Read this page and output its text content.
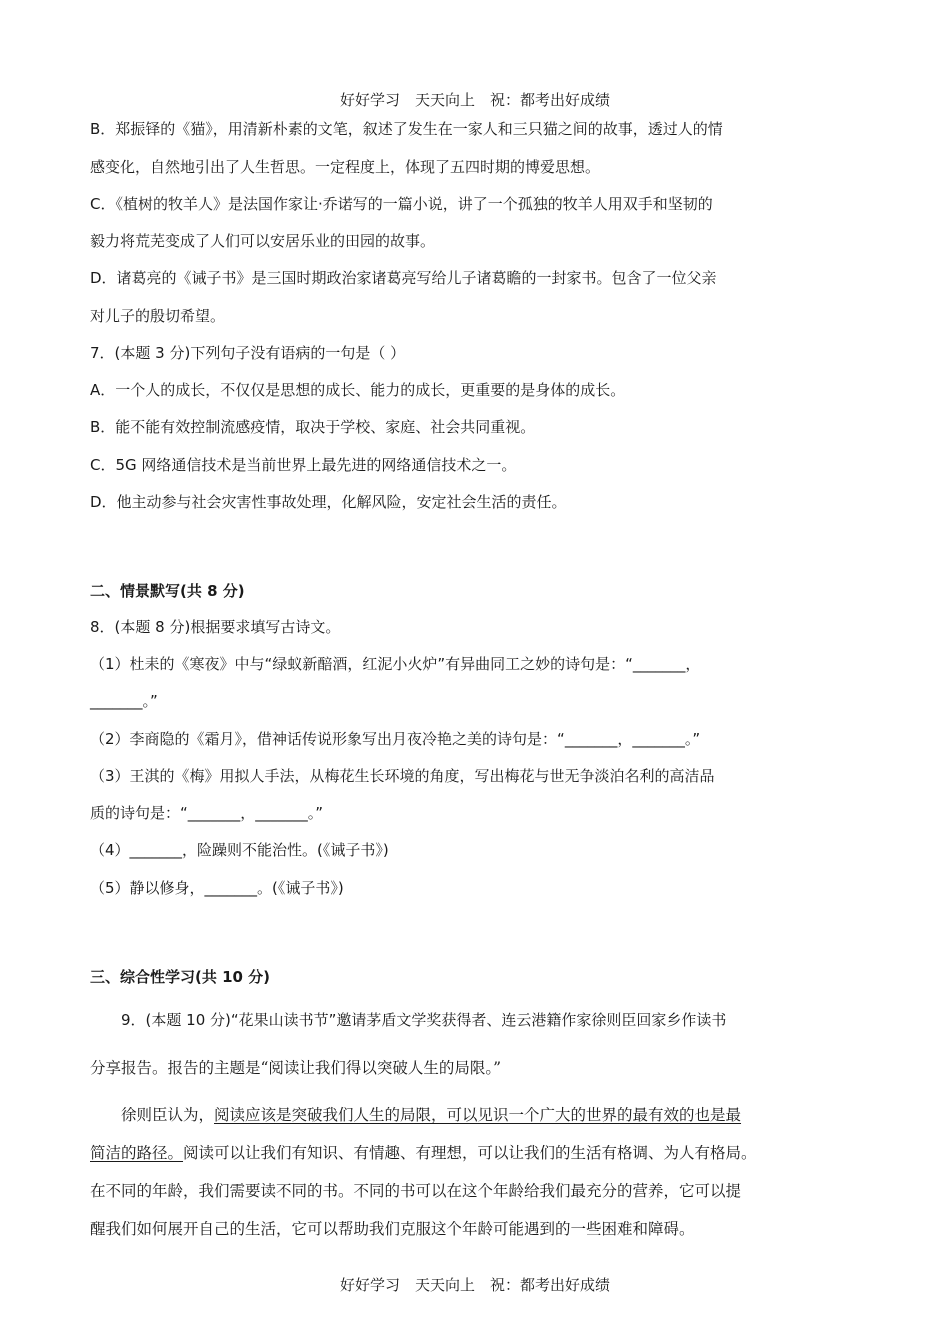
好好学习　天天向上　祝：都考出好成绩
B．郑振铎的《猫》，用清新朴素的文笔，叙述了发生在一家人和三只猫之间的故事，透过人的情
感变化，自然地引出了人生哲思。一定程度上，体现了五四时期的博爱思想。
C．《植树的牧羊人》是法国作家让·乔诺写的一篇小说，讲了一个孤独的牧羊人用双手和坚韧的
毅力将荒芜变成了人们可以安居乐业的田园的故事。
D．诸葛亮的《诫子书》是三国时期政治家诸葛亮写给儿子诸葛瞻的一封家书。包含了一位父亲
对儿子的殷切希望。
7．(本题 3 分)下列句子没有语病的一句是（ ）
A．一个人的成长，不仅仅是思想的成长、能力的成长，更重要的是身体的成长。
B．能不能有效控制流感疫情，取决于学校、家庭、社会共同重视。
C．5G 网络通信技术是当前世界上最先进的网络通信技术之一。
D．他主动参与社会灾害性事故处理，化解风险，安定社会生活的责任。
二、情景默写(共 8 分)
8．(本题 8 分)根据要求填写古诗文。
（1）杜耒的《寒夜》中与“绿蚁新醅酒，红泥小火炉”有异曲同工之妙的诗句是：“_______，
_______。”
（2）李商隐的《霜月》，借神话传说形象写出月夜冷艳之美的诗句是：“_______，_______。”
（3）王淇的《梅》用拟人手法，从梅花生长环境的角度，写出梅花与世无争淡泊名利的高洁品
质的诗句是：“_______，_______。”
（4）_______，险躁则不能治性。(《诫子书》)
（5）静以修身，_______。(《诫子书》)
三、综合性学习(共 10 分)
9．(本题 10 分)“花果山读书节”邀请茅盾文学奖获得者、连云港籍作家徐则臣回家乡作读书
分享报告。报告的主题是“阅读让我们得以突破人生的局限。”
徐则臣认为，阅读应该是突破我们人生的局限，可以见识一个广大的世界的最有效的也是最
简洁的路径。阅读可以让我们有知识、有情趣、有理想，可以让我们的生活有格调、为人有格局。
在不同的年龄，我们需要读不同的书。不同的书可以在这个年龄给我们最充分的营养，它可以提
醒我们如何展开自己的生活，它可以帮助我们克服这个年龄可能遇到的一些困难和障碍。
好好学习　天天向上　祝：都考出好成绩
